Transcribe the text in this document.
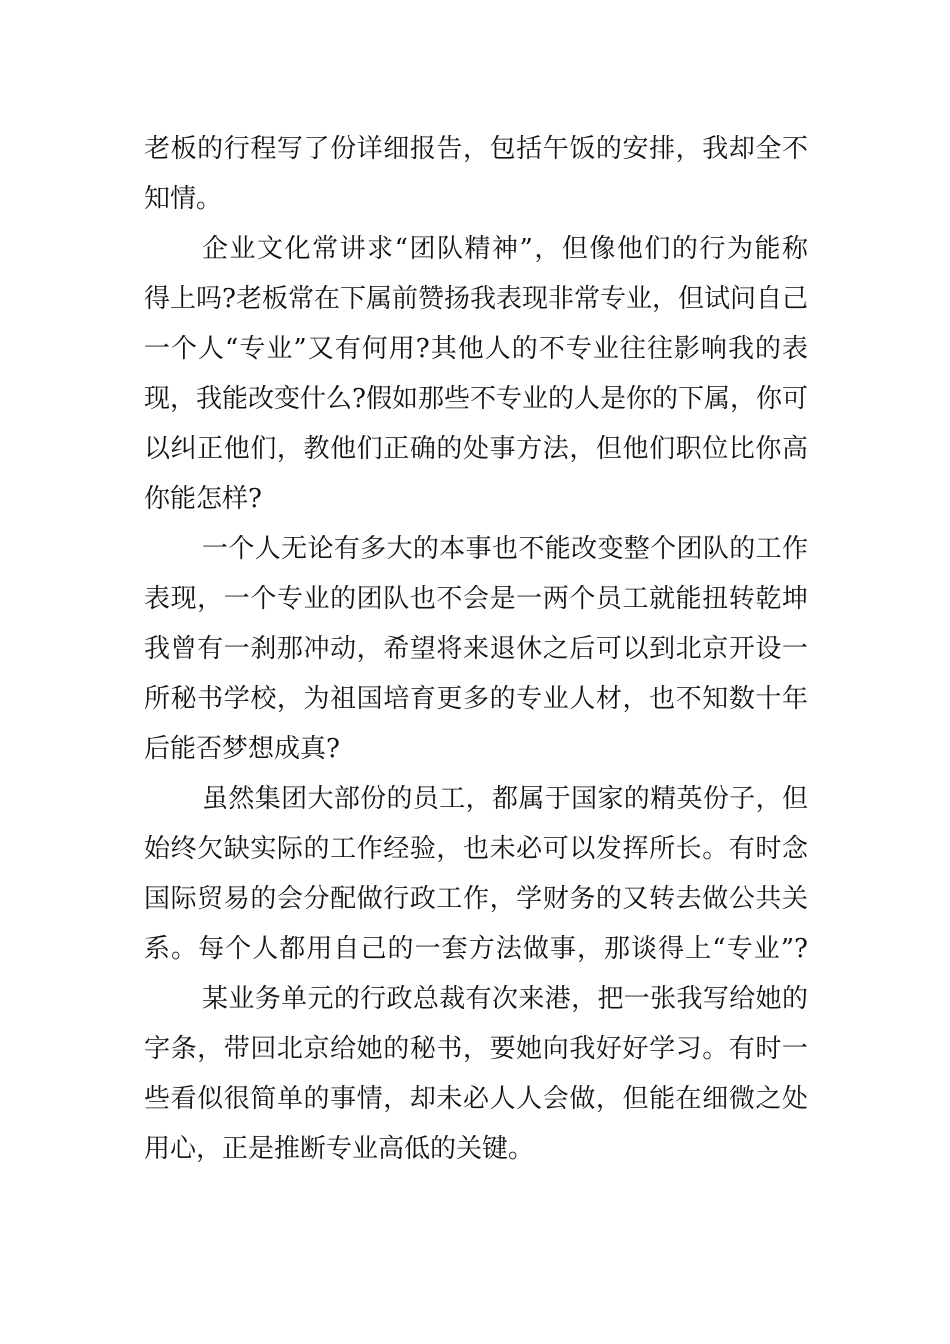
老板的行程写了份详细报告，包括午饭的安排，我却全不
知情。
企业文化常讲求“团队精神”，但像他们的行为能称
得上吗?老板常在下属前赞扬我表现非常专业，但试问自己
一个人“专业”又有何用?其他人的不专业往往影响我的表
现，我能改变什么?假如那些不专业的人是你的下属，你可
以纠正他们，教他们正确的处事方法，但他们职位比你高
你能怎样?
一个人无论有多大的本事也不能改变整个团队的工作
表现，一个专业的团队也不会是一两个员工就能扭转乾坤
我曾有一刹那冲动，希望将来退休之后可以到北京开设一
所秘书学校，为祖国培育更多的专业人材，也不知数十年
后能否梦想成真?
虽然集团大部份的员工，都属于国家的精英份子，但
始终欠缺实际的工作经验，也未必可以发挥所长。有时念
国际贸易的会分配做行政工作，学财务的又转去做公共关
系。每个人都用自己的一套方法做事，那谈得上“专业”?
某业务单元的行政总裁有次来港，把一张我写给她的
字条，带回北京给她的秘书，要她向我好好学习。有时一
些看似很简单的事情，却未必人人会做，但能在细微之处
用心，正是推断专业高低的关键。
